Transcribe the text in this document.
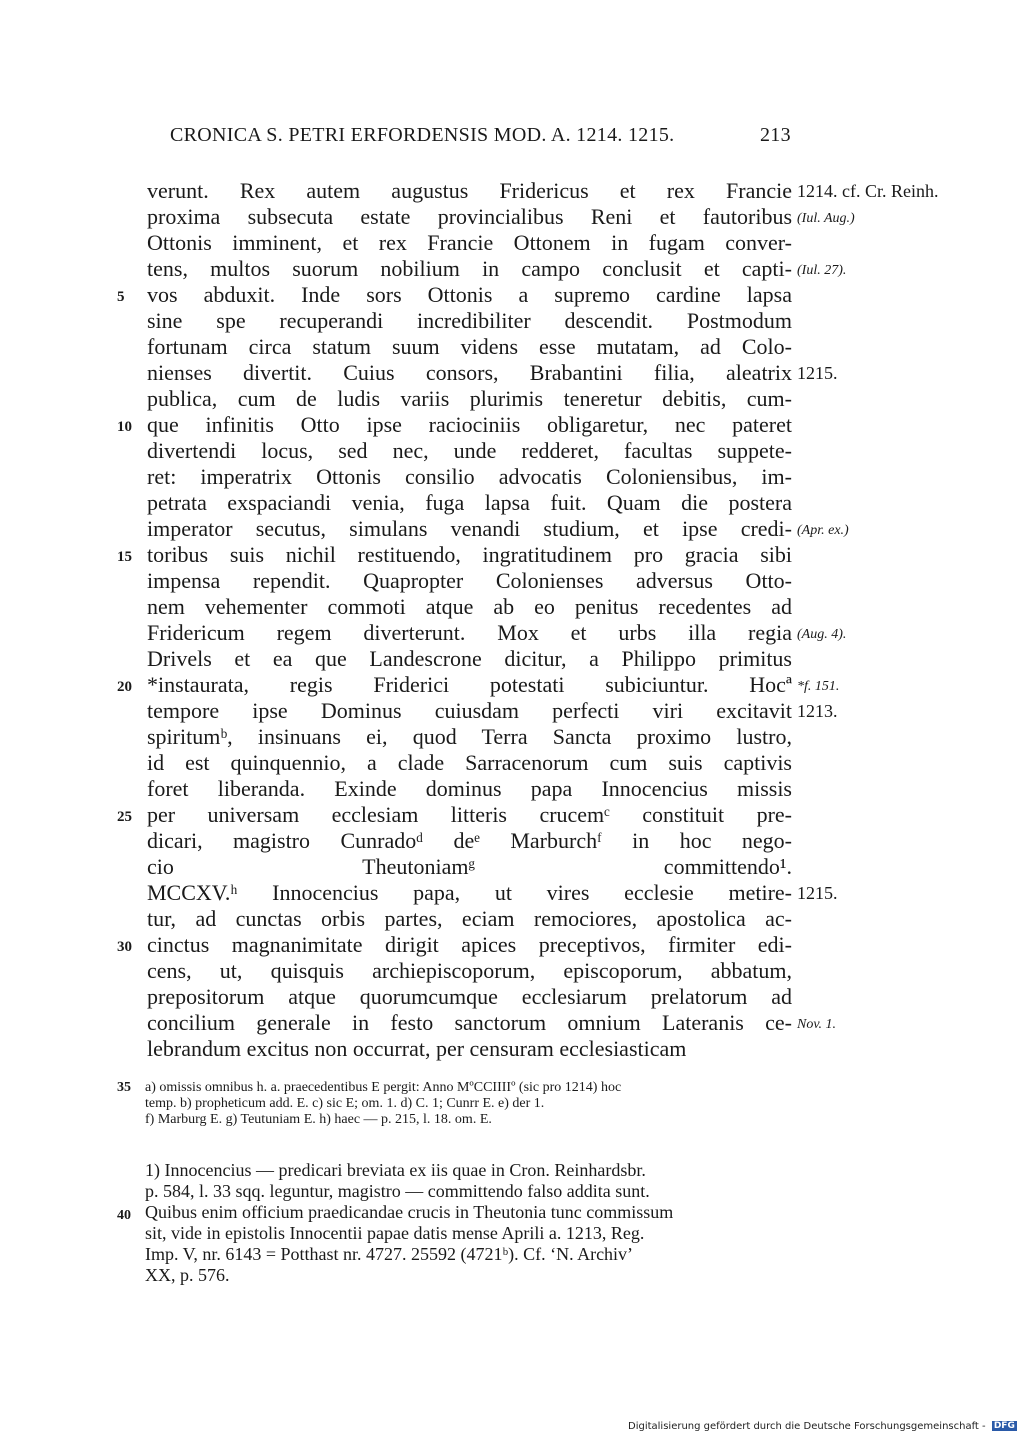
CRONICA S. PETRI ERFORDENSIS MOD. A. 1214. 1215.	213
verunt. Rex autem augustus Fridericus et rex Francie 1214. cf. Cr. Reinh.
proxima subsecuta estate provincialibus Reni et fautoribus (Iul. Aug.)
Ottonis imminent, et rex Francie Ottonem in fugam conver-
tens, multos suorum nobilium in campo conclusit et capti- (Iul. 27).
vos abduxit. Inde sors Ottonis a supremo cardine lapsa
5
sine spe recuperandi incredibiliter descendit. Postmodum
fortunam circa statum suum videns esse mutatam, ad Colo-
nienses divertit. Cuius consors, Brabantini filia, aleatrix 1215.
publica, cum de ludis variis plurimis teneretur debitis, cum-
que infinitis Otto ipse raciociniis obligaretur, nec pateret
10
divertendi locus, sed nec, unde redderet, facultas suppete-
ret: imperatrix Ottonis consilio advocatis Coloniensibus, im-
petrata exspaciandi venia, fuga lapsa fuit. Quam die postera
imperator secutus, simulans venandi studium, et ipse credi- (Apr. ex.)
toribus suis nichil restituendo, ingratitudinem pro gracia sibi
15
impensa rependit. Quapropter Colonienses adversus Otto-
nem vehementer commoti atque ab eo penitus recedentes ad
Fridericum regem diverterunt. Mox et urbs illa regia (Aug. 4).
Drivels et ea que Landescrone dicitur, a Philippo primitus
*instaurata, regis Friderici potestati subiciuntur. Hocª
20	*f. 151.
tempore ipse Dominus cuiusdam perfecti viri excitavit 1213.
spiritumᵇ, insinuans ei, quod Terra Sancta proximo lustro,
id est quinquennio, a clade Sarracenorum cum suis captivis
foret liberanda. Exinde dominus papa Innocencius missis
per universam ecclesiam litteris crucemᶜ constituit pre-
25
dicari, magistro Cunradoᵈ deᵉ Marburchᶠ in hoc nego-
cio Theutoniamᵍ committendo¹.
MCCXV.ʰ Innocencius papa, ut vires ecclesie metire- 1215.
tur, ad cunctas orbis partes, eciam remociores, apostolica ac-
cinctus magnanimitate dirigit apices preceptivos, firmiter edi-
30
cens, ut, quisquis archiepiscoporum, episcoporum, abbatum,
prepositorum atque quorumcumque ecclesiarum prelatorum ad
concilium generale in festo sanctorum omnium Lateranis ce- Nov. 1.
lebrandum excitus non occurrat, per censuram ecclesiasticam
a) omissis omnibus h. a. praecedentibus E pergit: Anno MºCCIIIIº (sic pro 1214) hoc
35
temp. b) propheticum add. E. c) sic E; om. 1. d) C. 1; Cunrr E. e) der 1.
f) Marburg E. g) Teutuniam E. h) haec — p. 215, l. 18. om. E.
1) Innocencius — predicari breviata ex iis quae in Cron. Reinhardsbr.
p. 584, l. 33 sqq. leguntur, magistro — committendo falso addita sunt.
Quibus enim officium praedicandae crucis in Theutonia tunc commissum
40
sit, vide in epistolis Innocentii papae datis mense Aprili a. 1213, Reg.
Imp. V, nr. 6143 = Potthast nr. 4727. 25592 (4721ᵇ). Cf. ‘N. Archiv’
XX, p. 576.
Digitalisierung gefördert durch die Deutsche Forschungsgemeinschaft - DFG
